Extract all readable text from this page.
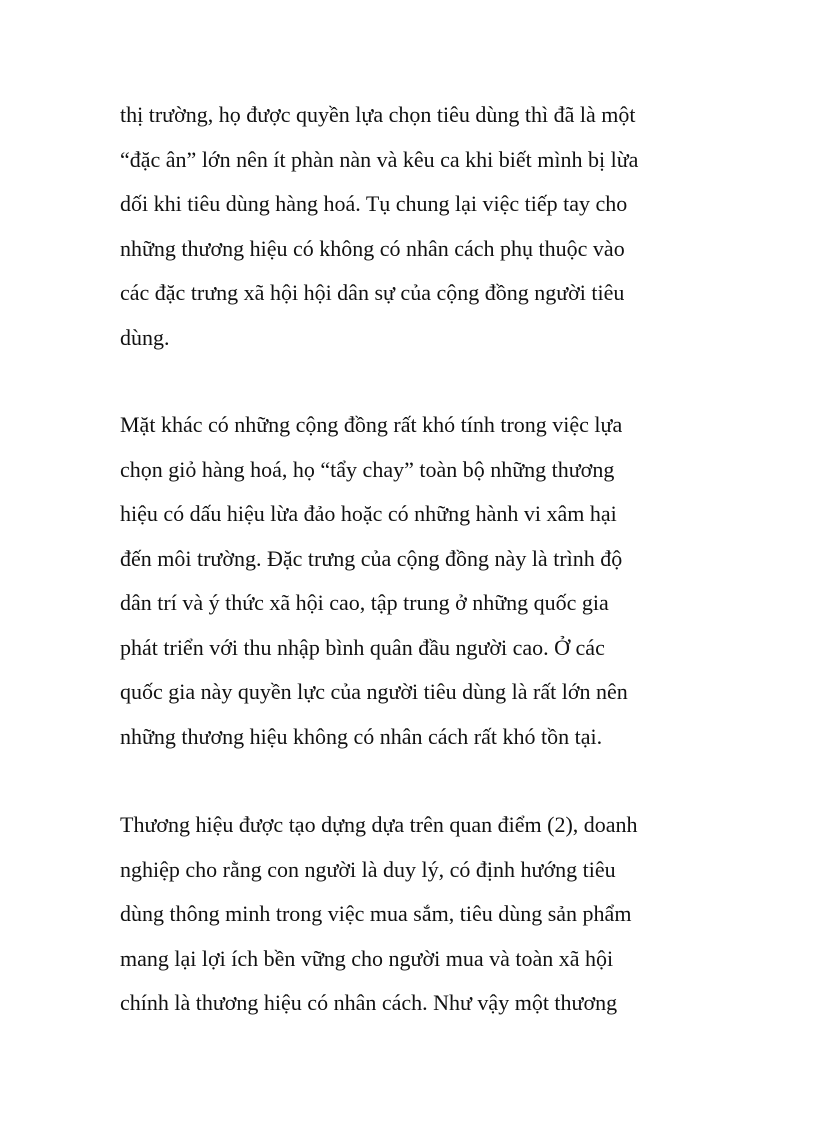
thị trường, họ được quyền lựa chọn tiêu dùng thì đã là một
“đặc ân” lớn nên ít phàn nàn và kêu ca khi biết mình bị lừa
dối khi tiêu dùng hàng hoá. Tụ chung lại việc tiếp tay cho
những thương hiệu có không có nhân cách phụ thuộc vào
các đặc trưng xã hội hội dân sự của cộng đồng người tiêu
dùng.

Mặt khác có những cộng đồng rất khó tính trong việc lựa
chọn giỏ hàng hoá, họ “tẩy chay” toàn bộ những thương
hiệu có dấu hiệu lừa đảo hoặc có những hành vi xâm hại
đến môi trường. Đặc trưng của cộng đồng này là trình độ
dân trí và ý thức xã hội cao, tập trung ở những quốc gia
phát triển với thu nhập bình quân đầu người cao. Ở các
quốc gia này quyền lực của người tiêu dùng là rất lớn nên
những thương hiệu không có nhân cách rất khó tồn tại.

Thương hiệu được tạo dựng dựa trên quan điểm (2), doanh
nghiệp cho rằng con người là duy lý, có định hướng tiêu
dùng thông minh trong việc mua sắm, tiêu dùng sản phẩm
mang lại lợi ích bền vững cho người mua và toàn xã hội
chính là thương hiệu có nhân cách. Như vậy một thương
